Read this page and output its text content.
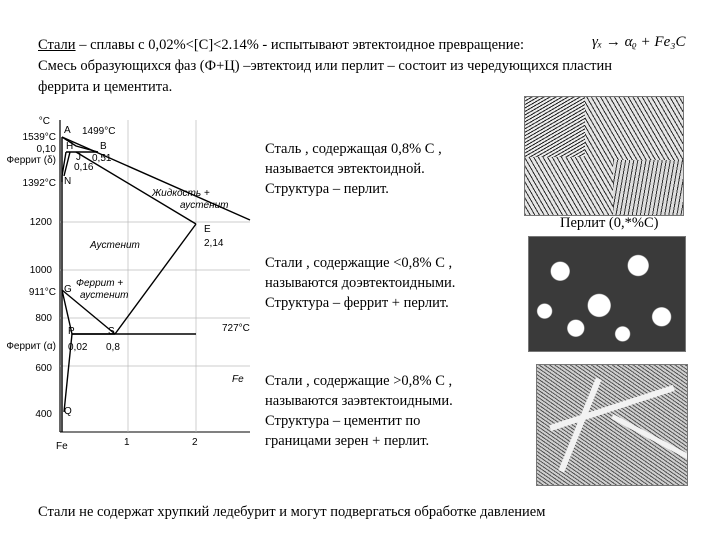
Стали – сплавы с 0,02%<[C]<2.14% - испытывают эвтектоидное превращение:	γₓ → αᵨ + Fe₃C
Смесь образующихся фаз (Ф+Ц) –эвтектоид или перлит – состоит из чередующихся пластин
феррита и цементита.
°C
1539°C
0,10
Феррит (δ)
1392°C
1200
1000
911°C
800
Феррит (α)
600
400
A
H	B
J
N
E
G
P	S
Q
1499°C
0,51
0,16
Жидкость +
аустенит
Аустенит	2,14
Феррит +
аустенит
727°C
0,02 0,8
Fe
1	2
Fe
Сталь , содержащая 0,8% С ,
называется эвтектоидной.
Структура – перлит.
Перлит (0,*%С)
Стали , содержащие <0,8% С ,
называются доэвтектоидными.
Структура – феррит + перлит.
Стали , содержащие >0,8% С ,
называются заэвтектоидными.
Структура – цементит по
границами зерен + перлит.
Стали не содержат хрупкий ледебурит и могут подвергаться обработке давлением
